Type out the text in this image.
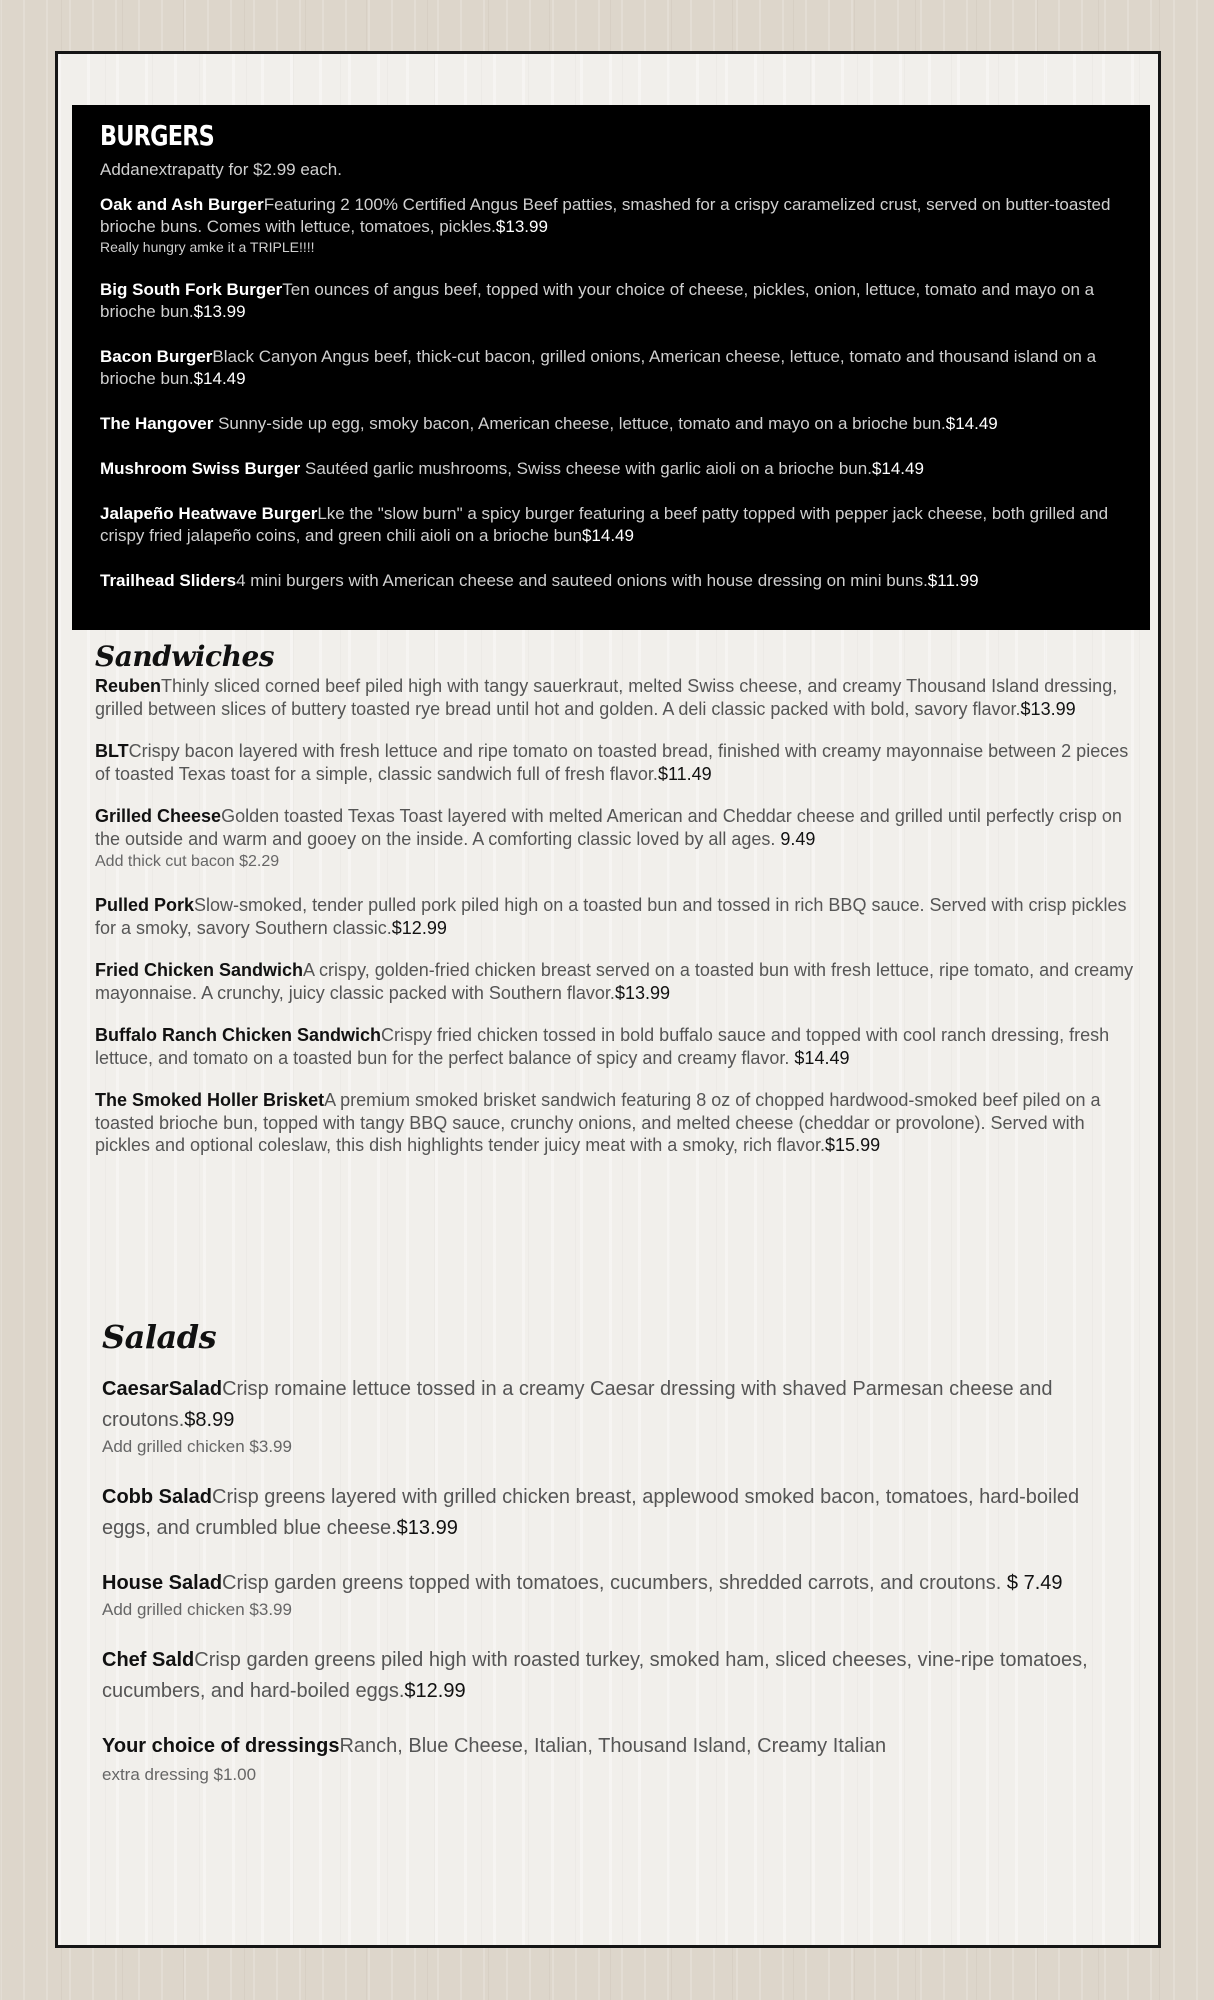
BURGERS
Addanextrapatty for $2.99 each.
Oak and Ash BurgerFeaturing 2 100% Certified Angus Beef patties, smashed for a crispy caramelized crust, served on butter-toasted brioche buns. Comes with lettuce, tomatoes, pickles.$13.99
Really hungry amke it a TRIPLE!!!!
Big South Fork BurgerTen ounces of angus beef, topped with your choice of cheese, pickles, onion, lettuce, tomato and mayo on a brioche bun.$13.99
Bacon BurgerBlack Canyon Angus beef, thick-cut bacon, grilled onions, American cheese, lettuce, tomato and thousand island on a brioche bun.$14.49
The Hangover Sunny-side up egg, smoky bacon, American cheese, lettuce, tomato and mayo on a brioche bun.$14.49
Mushroom Swiss Burger Sautéed garlic mushrooms, Swiss cheese with garlic aioli on a brioche bun.$14.49
Jalapeño Heatwave BurgerLke the "slow burn" a spicy burger featuring a beef patty topped with pepper jack cheese, both grilled and crispy fried jalapeño coins, and green chili aioli on a brioche bun$14.49
Trailhead Sliders4 mini burgers with American cheese and sauteed onions with house dressing on mini buns.$11.99
Sandwiches
ReubenThinly sliced corned beef piled high with tangy sauerkraut, melted Swiss cheese, and creamy Thousand Island dressing, grilled between slices of buttery toasted rye bread until hot and golden. A deli classic packed with bold, savory flavor.$13.99
BLTCrispy bacon layered with fresh lettuce and ripe tomato on toasted bread, finished with creamy mayonnaise between 2 pieces of toasted Texas toast for a simple, classic sandwich full of fresh flavor.$11.49
Grilled CheeseGolden toasted Texas Toast layered with melted American and Cheddar cheese and grilled until perfectly crisp on the outside and warm and gooey on the inside. A comforting classic loved by all ages. 9.49
Add thick cut bacon $2.29
Pulled PorkSlow-smoked, tender pulled pork piled high on a toasted bun and tossed in rich BBQ sauce. Served with crisp pickles for a smoky, savory Southern classic.$12.99
Fried Chicken SandwichA crispy, golden-fried chicken breast served on a toasted bun with fresh lettuce, ripe tomato, and creamy mayonnaise. A crunchy, juicy classic packed with Southern flavor.$13.99
Buffalo Ranch Chicken SandwichCrispy fried chicken tossed in bold buffalo sauce and topped with cool ranch dressing, fresh lettuce, and tomato on a toasted bun for the perfect balance of spicy and creamy flavor. $14.49
The Smoked Holler BrisketA premium smoked brisket sandwich featuring 8 oz of chopped hardwood-smoked beef piled on a toasted brioche bun, topped with tangy BBQ sauce, crunchy onions, and melted cheese (cheddar or provolone). Served with pickles and optional coleslaw, this dish highlights tender juicy meat with a smoky, rich flavor.$15.99
Salads
CaesarSaladCrisp romaine lettuce tossed in a creamy Caesar dressing with shaved Parmesan cheese and croutons.$8.99
Add grilled chicken $3.99
Cobb SaladCrisp greens layered with grilled chicken breast, applewood smoked bacon, tomatoes, hard-boiled eggs, and crumbled blue cheese.$13.99
House SaladCrisp garden greens topped with tomatoes, cucumbers, shredded carrots, and croutons. $ 7.49
Add grilled chicken $3.99
Chef SaldCrisp garden greens piled high with roasted turkey, smoked ham, sliced cheeses, vine-ripe tomatoes, cucumbers, and hard-boiled eggs.$12.99
Your choice of dressingsRanch, Blue Cheese, Italian, Thousand Island, Creamy Italian
extra dressing $1.00
